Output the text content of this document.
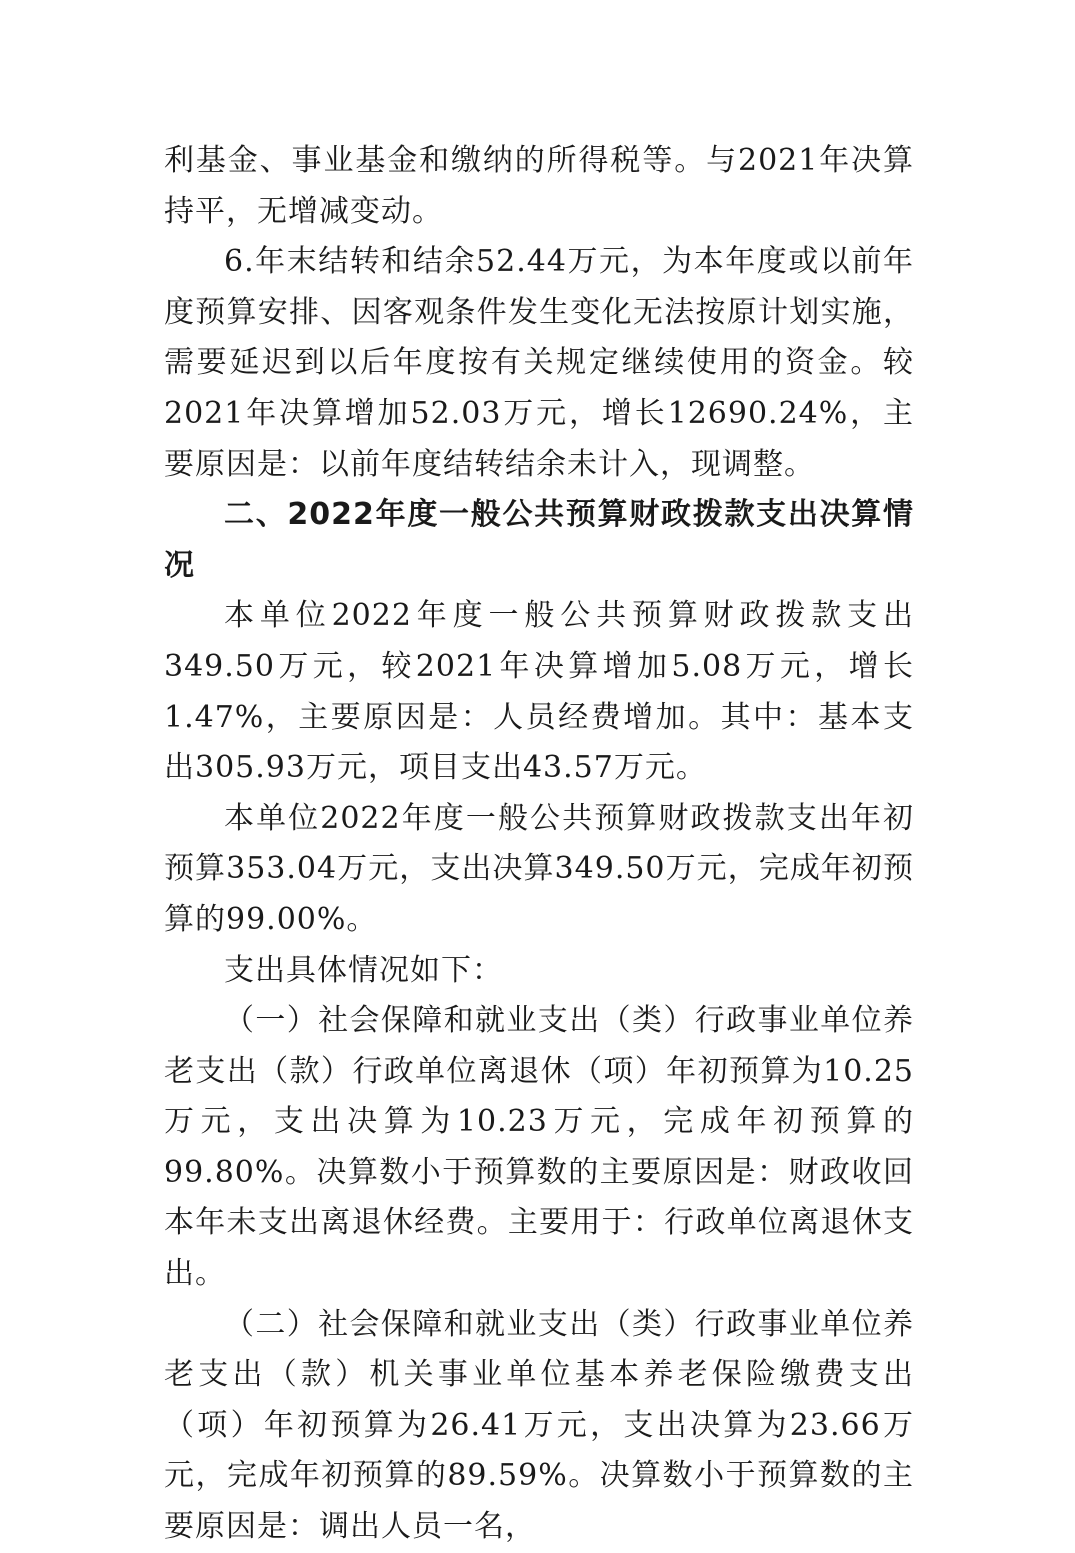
利基金、事业基金和缴纳的所得税等。与2021年决算持平，无增减变动。

6.年末结转和结余52.44万元，为本年度或以前年度预算安排、因客观条件发生变化无法按原计划实施，需要延迟到以后年度按有关规定继续使用的资金。较2021年决算增加52.03万元，增长12690.24%，主要原因是：以前年度结转结余未计入，现调整。

二、2022年度一般公共预算财政拨款支出决算情况

本单位2022年度一般公共预算财政拨款支出349.50万元，较2021年决算增加5.08万元，增长1.47%，主要原因是：人员经费增加。其中：基本支出305.93万元，项目支出43.57万元。

本单位2022年度一般公共预算财政拨款支出年初预算353.04万元，支出决算349.50万元，完成年初预算的99.00%。

支出具体情况如下：

（一）社会保障和就业支出（类）行政事业单位养老支出（款）行政单位离退休（项）年初预算为10.25万元，支出决算为10.23万元，完成年初预算的99.80%。决算数小于预算数的主要原因是：财政收回本年未支出离退休经费。主要用于：行政单位离退休支出。

（二）社会保障和就业支出（类）行政事业单位养老支出（款）机关事业单位基本养老保险缴费支出（项）年初预算为26.41万元，支出决算为23.66万元，完成年初预算的89.59%。决算数小于预算数的主要原因是：调出人员一名，
